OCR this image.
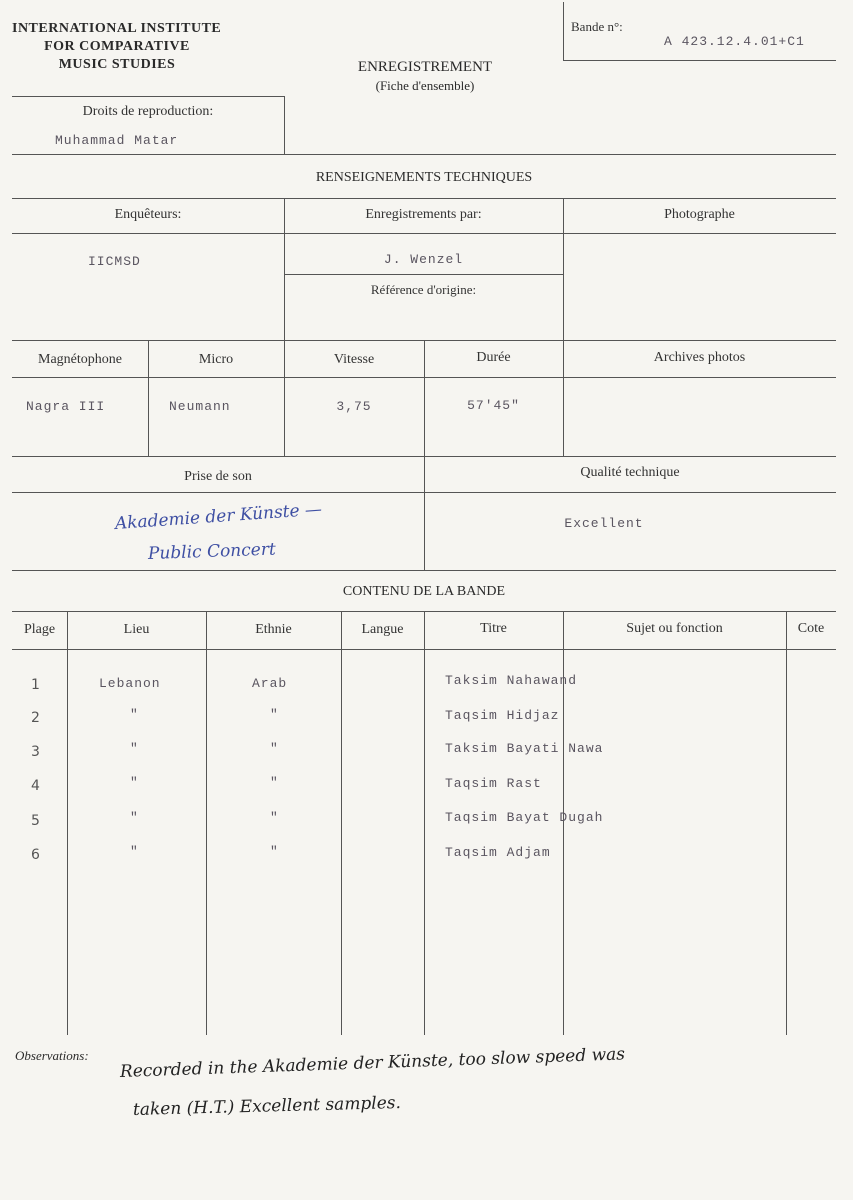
INTERNATIONAL INSTITUTE
FOR COMPARATIVE
MUSIC STUDIES	ENREGISTREMENT
(Fiche d'ensemble)
Bande n°:
A 423.12.4.01+C1
Droits de reproduction:
Muhammad Matar
RENSEIGNEMENTS TECHNIQUES
Enquêteurs:	Enregistrements par:	Photographe
IICMSD	J. Wenzel
Référence d'origine:
Magnétophone	Micro	Vitesse	Durée	Archives photos
Nagra III	Neumann	3,75	57'45"
Prise de son	Qualité technique
Akademie der Künste —
Public Concert
Excellent
CONTENU DE LA BANDE
Plage	Lieu	Ethnie	Langue	Titre	Sujet ou fonction	Cote
1	Lebanon	Arab	Taksim Nahawand
2	"	"	Taqsim Hidjaz
3	"	"	Taksim Bayati Nawa
4	"	"	Taqsim Rast
5	"	"	Taqsim Bayat Dugah
6	"	"	Taqsim Adjam
Observations: Recorded in the Akademie der Künste, too slow speed was
taken (H.T.) Excellent samples.
